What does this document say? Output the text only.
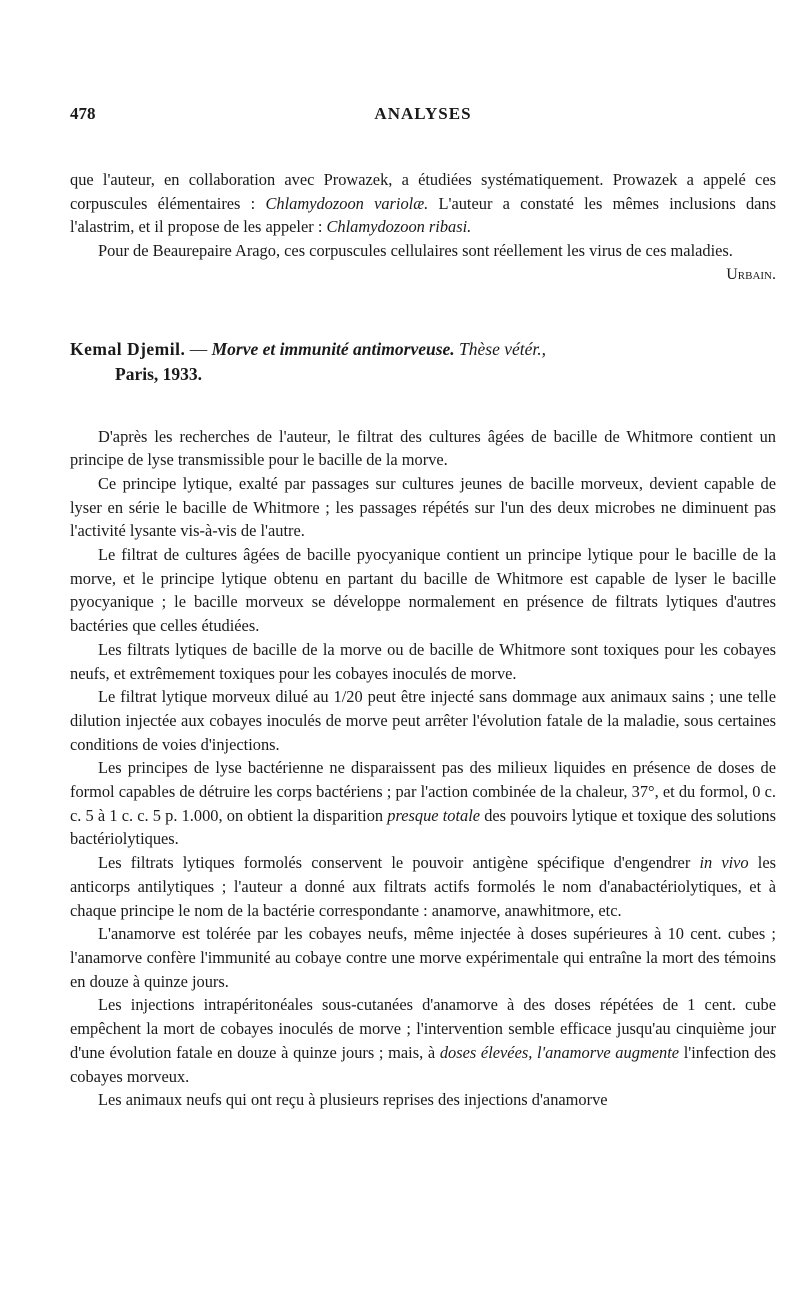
478	ANALYSES

que l'auteur, en collaboration avec Prowazek, a étudiées systématiquement. Prowazek a appelé ces corpuscules élémentaires : Chlamydozoon variolæ. L'auteur a constaté les mêmes inclusions dans l'alastrim, et il propose de les appeler : Chlamydozoon ribasi.

Pour de Beaurepaire Arago, ces corpuscules cellulaires sont réellement les virus de ces maladies.
Urbain.

Kemal Djemil. — Morve et immunité antimorveuse. Thèse vétér.,
Paris, 1933.

D'après les recherches de l'auteur, le filtrat des cultures âgées de bacille de Whitmore contient un principe de lyse transmissible pour le bacille de la morve.

Ce principe lytique, exalté par passages sur cultures jeunes de bacille morveux, devient capable de lyser en série le bacille de Whitmore ; les passages répétés sur l'un des deux microbes ne diminuent pas l'activité lysante vis-à-vis de l'autre.

Le filtrat de cultures âgées de bacille pyocyanique contient un principe lytique pour le bacille de la morve, et le principe lytique obtenu en partant du bacille de Whitmore est capable de lyser le bacille pyocyanique ; le bacille morveux se développe normalement en présence de filtrats lytiques d'autres bactéries que celles étudiées.

Les filtrats lytiques de bacille de la morve ou de bacille de Whitmore sont toxiques pour les cobayes neufs, et extrêmement toxiques pour les cobayes inoculés de morve.

Le filtrat lytique morveux dilué au 1/20 peut être injecté sans dommage aux animaux sains ; une telle dilution injectée aux cobayes inoculés de morve peut arrêter l'évolution fatale de la maladie, sous certaines conditions de voies d'injections.

Les principes de lyse bactérienne ne disparaissent pas des milieux liquides en présence de doses de formol capables de détruire les corps bactériens ; par l'action combinée de la chaleur, 37°, et du formol, 0 c. c. 5 à 1 c. c. 5 p. 1.000, on obtient la disparition presque totale des pouvoirs lytique et toxique des solutions bactériolytiques.

Les filtrats lytiques formolés conservent le pouvoir antigène spécifique d'engendrer in vivo les anticorps antilytiques ; l'auteur a donné aux filtrats actifs formolés le nom d'anabactériolytiques, et à chaque principe le nom de la bactérie correspondante : anamorve, anawhitmore, etc.

L'anamorve est tolérée par les cobayes neufs, même injectée à doses supérieures à 10 cent. cubes ; l'anamorve confère l'immunité au cobaye contre une morve expérimentale qui entraîne la mort des témoins en douze à quinze jours.

Les injections intrapéritonéales sous-cutanées d'anamorve à des doses répétées de 1 cent. cube empêchent la mort de cobayes inoculés de morve ; l'intervention semble efficace jusqu'au cinquième jour d'une évolution fatale en douze à quinze jours ; mais, à doses élevées, l'anamorve augmente l'infection des cobayes morveux.

Les animaux neufs qui ont reçu à plusieurs reprises des injections d'anamorve
